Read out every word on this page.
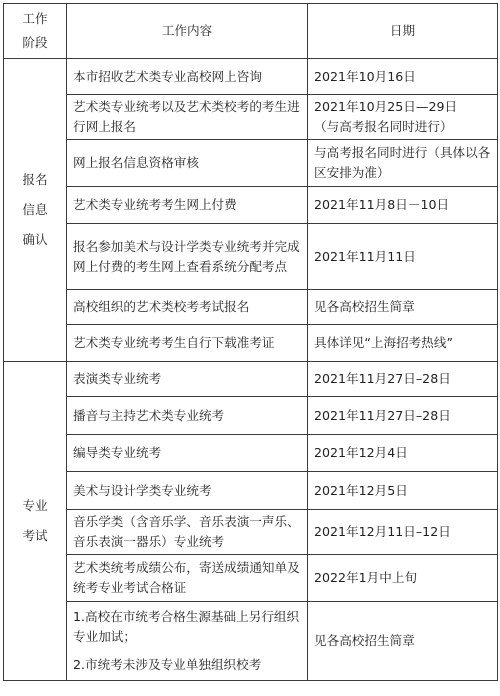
工作
阶段	工作内容	日期

报名
信息
确认	本市招收艺术类专业高校网上咨询	2021年10月16日
	艺术类专业统考以及艺术类校考的考生进行网上报名	2021年10月25日—29日
（与高考报名同时进行）
	网上报名信息资格审核	与高考报名同时进行（具体以各区安排为准）
	艺术类专业统考考生网上付费	2021年11月8日－10日
	报名参加美术与设计学类专业统考并完成网上付费的考生网上查看系统分配考点	2021年11月11日
	高校组织的艺术类校考考试报名	见各高校招生简章
	艺术类专业统考考生自行下载准考证	具体详见“上海招考热线”

专业
考试	表演类专业统考	2021年11月27日–28日
	播音与主持艺术类专业统考	2021年11月27日–28日
	编导类专业统考	2021年12月4日
	美术与设计学类专业统考	2021年12月5日
	音乐学类（含音乐学、音乐表演一声乐、音乐表演一器乐）专业统考	2021年12月11日–12日
	艺术类统考成绩公布，寄送成绩通知单及统考专业考试合格证	2022年1月中上旬

	1.高校在市统考合格生源基础上另行组织专业加试；
2.市统考未涉及专业单独组织校考	见各高校招生简章
